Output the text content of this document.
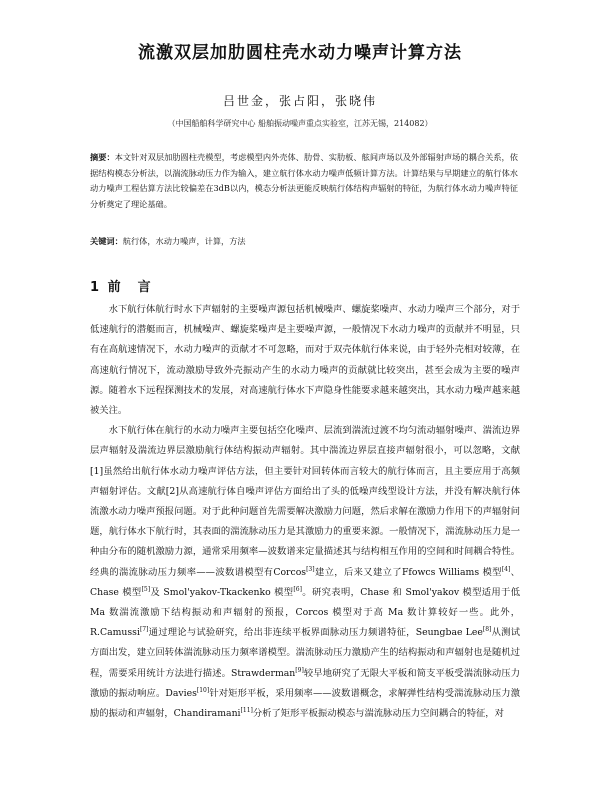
流激双层加肋圆柱壳水动力噪声计算方法
吕世金，张占阳，张晓伟
（中国船舶科学研究中心 船舶振动噪声重点实验室，江苏无锡，214082）
摘要：本文针对双层加肋圆柱壳模型，考虑模型内外壳体、肋骨、实肋板、舷间声场以及外部辐射声场的耦合关系，依据结构模态分析法，以湍流脉动压力作为输入，建立航行体水动力噪声低频计算方法。计算结果与早期建立的航行体水动力噪声工程估算方法比较偏差在3dB以内，模态分析法更能反映航行体结构声辐射的特征，为航行体水动力噪声特征分析奠定了理论基础。
关键词：航行体，水动力噪声，计算，方法
1 前　言

水下航行体航行时水下声辐射的主要噪声源包括机械噪声、螺旋桨噪声、水动力噪声三个部分，对于低速航行的潜艇而言，机械噪声、螺旋桨噪声是主要噪声源，一般情况下水动力噪声的贡献并不明显，只有在高航速情况下，水动力噪声的贡献才不可忽略，而对于双壳体航行体来说，由于轻外壳相对较薄，在高速航行情况下，流动激励导致外壳振动产生的水动力噪声的贡献就比较突出，甚至会成为主要的噪声源。随着水下远程探测技术的发展，对高速航行体水下声隐身性能要求越来越突出，其水动力噪声越来越被关注。

水下航行体在航行的水动力噪声主要包括空化噪声、层流到湍流过渡不均匀流动辐射噪声、湍流边界层声辐射及湍流边界层激励航行体结构振动声辐射。其中湍流边界层直接声辐射很小，可以忽略，文献[1]虽然给出航行体水动力噪声评估方法，但主要针对回转体而言较大的航行体而言，且主要应用于高频声辐射评估。文献[2]从高速航行体自噪声评估方面给出了头的低噪声线型设计方法，并没有解决航行体流激水动力噪声预报问题。对于此种问题首先需要解决激励力问题，然后求解在激励力作用下的声辐射问题，航行体水下航行时，其表面的湍流脉动压力是其激励力的重要来源。一般情况下，湍流脉动压力是一种由分布的随机激励力源，通常采用频率—波数谱来定量描述其与结构相互作用的空间和时间耦合特性。经典的湍流脉动压力频率——波数谱模型有Corcos[3]建立，后来又建立了Ffowcs Williams 模型[4]、Chase 模型[5]及 Smol'yakov-Tkackenko 模型[6]。研究表明，Chase 和 Smol'yakov 模型适用于低 Ma 数湍流激励下结构振动和声辐射的预报，Corcos 模型对于高 Ma 数计算较好一些。此外，R.Camussi[7]通过理论与试验研究，给出非连续平板界面脉动压力频谱特征，Seungbae Lee[8]从测试方面出发，建立回转体湍流脉动压力频率谱模型。湍流脉动压力激励产生的结构振动和声辐射也是随机过程，需要采用统计方法进行描述。Strawderman[9]较早地研究了无限大平板和简支平板受湍流脉动压力激励的振动响应。Davies[10]针对矩形平板，采用频率——波数谱概念，求解弹性结构受湍流脉动压力激励的振动和声辐射，Chandiramani[11]分析了矩形平板振动模态与湍流脉动压力空间耦合的特征，对
